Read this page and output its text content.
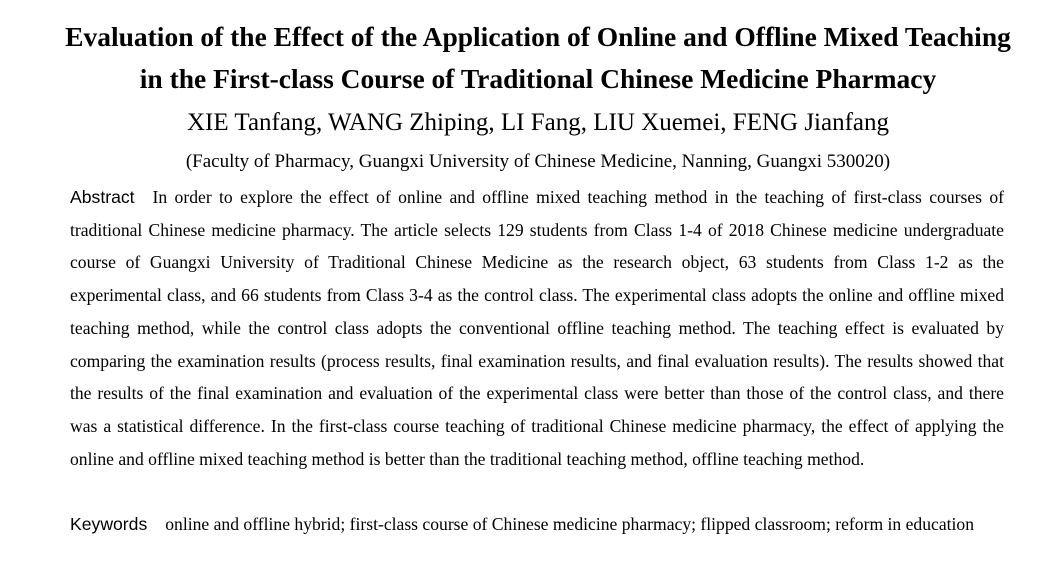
Evaluation of the Effect of the Application of Online and Offline Mixed Teaching
in the First-class Course of Traditional Chinese Medicine Pharmacy
XIE Tanfang, WANG Zhiping, LI Fang, LIU Xuemei, FENG Jianfang
(Faculty of Pharmacy, Guangxi University of Chinese Medicine, Nanning, Guangxi 530020)
Abstract In order to explore the effect of online and offline mixed teaching method in the teaching of first-class courses of traditional Chinese medicine pharmacy. The article selects 129 students from Class 1-4 of 2018 Chinese medicine undergraduate course of Guangxi University of Traditional Chinese Medicine as the research object, 63 students from Class 1-2 as the experimental class, and 66 students from Class 3-4 as the control class. The experimental class adopts the online and offline mixed teaching method, while the control class adopts the conventional offline teaching method. The teaching effect is evaluated by comparing the examination results (process results, final examination results, and final evaluation results). The results showed that the results of the final examination and evaluation of the experimental class were better than those of the control class, and there was a statistical difference. In the first-class course teaching of traditional Chinese medicine pharmacy, the effect of applying the online and offline mixed teaching method is better than the traditional teaching method, offline teaching method.
Keywords online and offline hybrid; first-class course of Chinese medicine pharmacy; flipped classroom; reform in education
